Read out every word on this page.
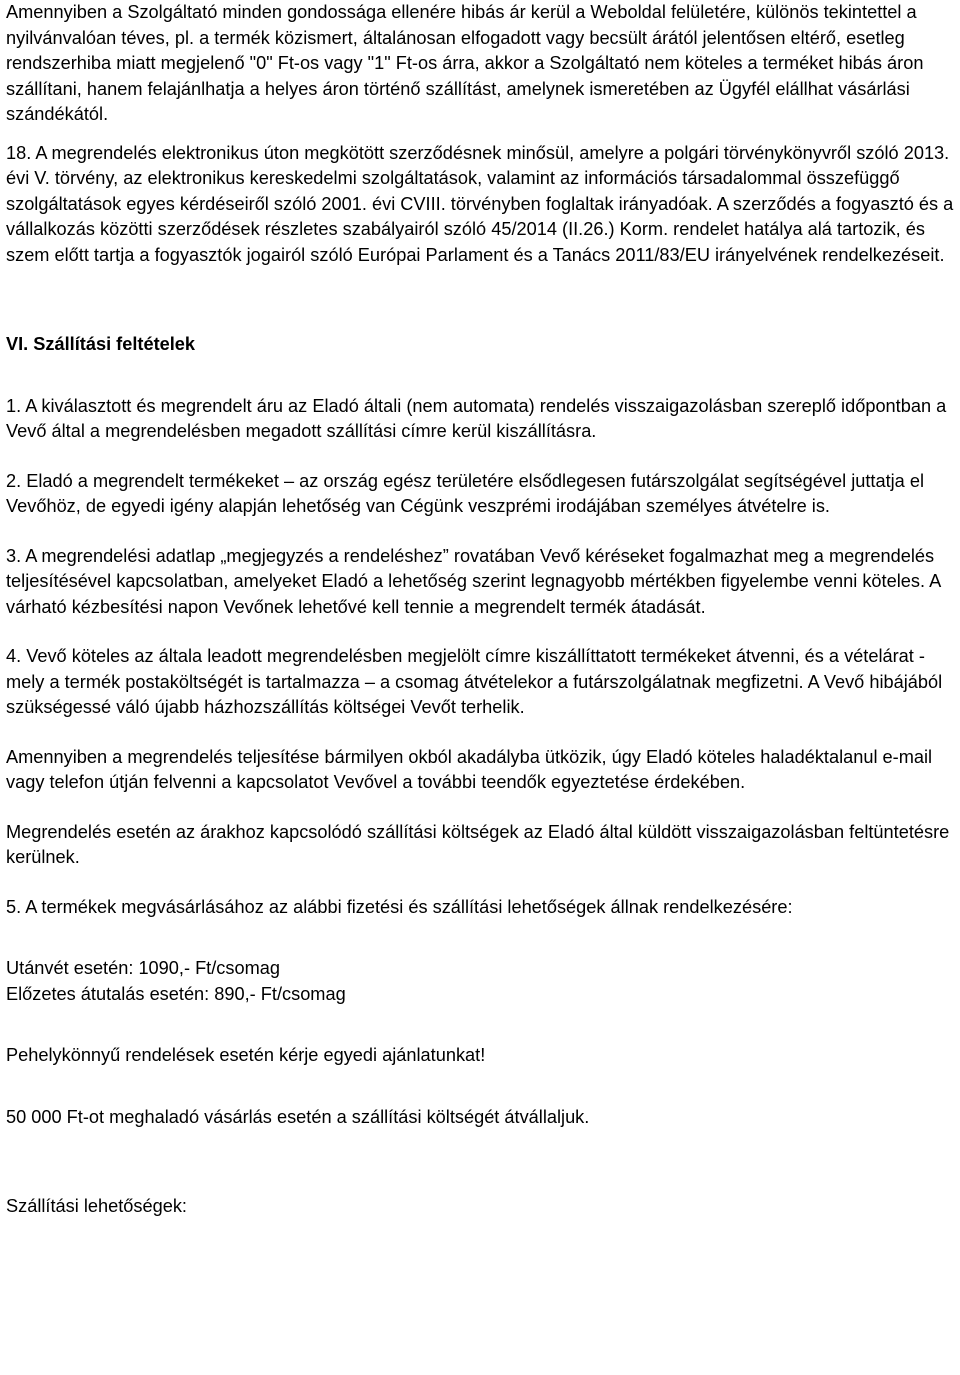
Amennyiben a Szolgáltató minden gondossága ellenére hibás ár kerül a Weboldal felületére, különös tekintettel a nyilvánvalóan téves, pl. a termék közismert, általánosan elfogadott vagy becsült árától jelentősen eltérő, esetleg rendszerhiba miatt megjelenő "0" Ft-os vagy "1" Ft-os árra, akkor a Szolgáltató nem köteles a terméket hibás áron szállítani, hanem felajánlhatja a helyes áron történő szállítást, amelynek ismeretében az Ügyfél elállhat vásárlási szándékától.

18. A megrendelés elektronikus úton megkötött szerződésnek minősül, amelyre a polgári törvénykönyvről szóló 2013. évi V. törvény, az elektronikus kereskedelmi szolgáltatások, valamint az információs társadalommal összefüggő szolgáltatások egyes kérdéseiről szóló 2001. évi CVIII. törvényben foglaltak irányadóak. A szerződés a fogyasztó és a vállalkozás közötti szerződések részletes szabályairól szóló 45/2014 (II.26.) Korm. rendelet hatálya alá tartozik, és szem előtt tartja a fogyasztók jogairól szóló Európai Parlament és a Tanács 2011/83/EU irányelvének rendelkezéseit.

VI. Szállítási feltételek

1. A kiválasztott és megrendelt áru az Eladó általi (nem automata) rendelés visszaigazolásban szereplő időpontban a Vevő által a megrendelésben megadott szállítási címre kerül kiszállításra.

2. Eladó a megrendelt termékeket – az ország egész területére elsődlegesen futárszolgálat segítségével juttatja el Vevőhöz, de egyedi igény alapján lehetőség van Cégünk veszprémi irodájában személyes átvételre is.

3. A megrendelési adatlap „megjegyzés a rendeléshez” rovatában Vevő kéréseket fogalmazhat meg a megrendelés teljesítésével kapcsolatban, amelyeket Eladó a lehetőség szerint legnagyobb mértékben figyelembe venni köteles. A várható kézbesítési napon Vevőnek lehetővé kell tennie a megrendelt termék átadását.

4. Vevő köteles az általa leadott megrendelésben megjelölt címre kiszállíttatott termékeket átvenni, és a vételárat - mely a termék postaköltségét is tartalmazza – a csomag átvételekor a futárszolgálatnak megfizetni. A Vevő hibájából szükségessé váló újabb házhozszállítás költségei Vevőt terhelik.

Amennyiben a megrendelés teljesítése bármilyen okból akadályba ütközik, úgy Eladó köteles haladéktalanul e-mail vagy telefon útján felvenni a kapcsolatot Vevővel a további teendők egyeztetése érdekében.

Megrendelés esetén az árakhoz kapcsolódó szállítási költségek az Eladó által küldött visszaigazolásban feltüntetésre kerülnek.

5. A termékek megvásárlásához az alábbi fizetési és szállítási lehetőségek állnak rendelkezésére:

Utánvét esetén: 1090,- Ft/csomag

Előzetes átutalás esetén: 890,- Ft/csomag

Pehelykönnyű rendelések esetén kérje egyedi ajánlatunkat!

50 000 Ft-ot meghaladó vásárlás esetén a szállítási költségét átvállaljuk.

Szállítási lehetőségek:
